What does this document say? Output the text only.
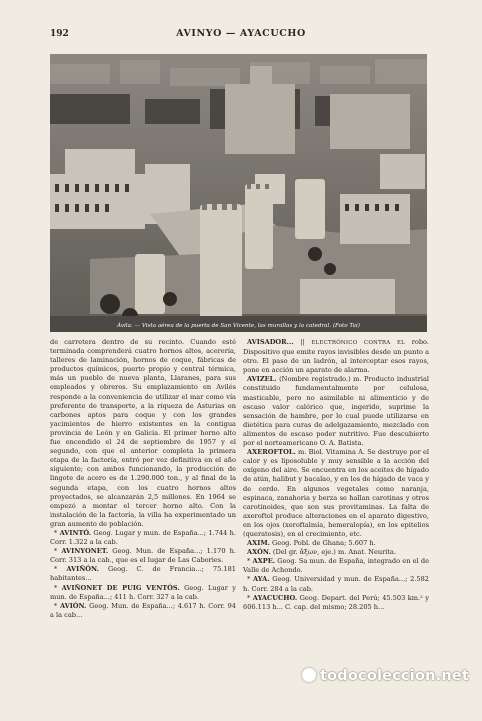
192	AVINYO — AYACUCHO
Ávila. — Vista aérea de la puerta de San Vicente, las murallas y la catedral. (Foto Tai)

de carretera dentro de su recinto. Cuando esté terminada comprenderá cuatro hornos altos, acerería, talleres de laminación, hornos de coque, fábricas de productos químicos, puerto propio y central térmica, más un pueblo de nueva planta, Llaranes, para sus empleados y obreros. Su emplazamiento en Avilés responde a la conveniencia de utilizar el mar como vía preferente de transporte, a la riqueza de Asturias en carbones aptos para coque y con los grandes yacimientos de hierro existentes en la contigua provincia de León y en Galicia. El primer horno alto fue encendido el 24 de septiembre de 1957 y el segundo, con que el anterior completa la primera etapa de la factoría, entró por vez definitiva en el año siguiente; con ambos funcionando, la producción de lingote de acero es de 1.290.000 ton., y al final de la segunda etapa, con los cuatro hornos altos proyectados, se alcanzarán 2,5 millones. En 1964 se empezó a montar el tercer horno alto. Con la instalación de la factoría, la villa ha experimentado un gran aumento de población.

* AVINTÓ. Geog. Lugar y mun. de España...; 1.744 h. Corr. 1.322 a la cab.

* AVINYONET. Geog. Mun. de España...; 1.170 h. Corr. 313 a la cab., que es el lugar de Las Cabories.

* AVIÑÓN. Geog. C. de Francia...; 75.181 habitantes...

* AVIÑONET DE PUIG VENTÓS. Geog. Lugar y mun. de España...; 411 h. Corr. 327 a la cab.

* AVIÓN. Geog. Mun. de España...; 4.617 h. Corr. 94 a la cab...

AVISADOR... || ELECTRÓNICO CONTRA EL robo. Dispositivo que emite rayos invisibles desde un punto a otro. El paso de un ladrón, al interceptar esos rayos, pone en acción un aparato de alarma.

AVIZEL. (Nombre registrado.) m. Producto industrial constituido fundamentalmente por celulosa, masticable, pero no asimilable ni alimenticio y de escaso valor calórico que, ingerido, suprime la sensación de hambre, por lo cual puede utilizarse en dietética para curas de adelgazamiento, mezclado con alimentos de escaso poder nutritivo. Fue descubierto por el norteamericano O. A. Batista.

AXEROFTOL. m. Biol. Vitamina A. Se destruye por el calor y es liposoluble y muy sensible a la acción del oxígeno del aire. Se encuentra en los aceites de hígado de atún, halibut y bacalao, y en los de hígado de vaca y de cerdo. En algunos vegetales como naranja, espinaca, zanahoria y berza se hallan carotinas y otros carotinoides, que son sus provitaminas. La falta de axeroftol produce alteraciones en el aparato digestivo, en los ojos (xeroftalmía, hemeralopía), en los epitelios (queratosis), en el crecimiento, etc.

AXIM. Geog. Pobl. de Ghana; 5.607 h.

AXÓN. (Del gr. ἄξων, eje.) m. Anat. Neurita.

* AXPE. Geog. Sa mun. de España, integrado en el de Valle de Achondo.

* AYA. Geog. Universidad y mun. de España...; 2.582 h. Corr. 284 a la cab.

* AYACUCHO. Geog. Depart. del Perú; 45.503 km.² y 606.113 h... C. cap. del mismo; 28.205 h...

todocoleccion.net
